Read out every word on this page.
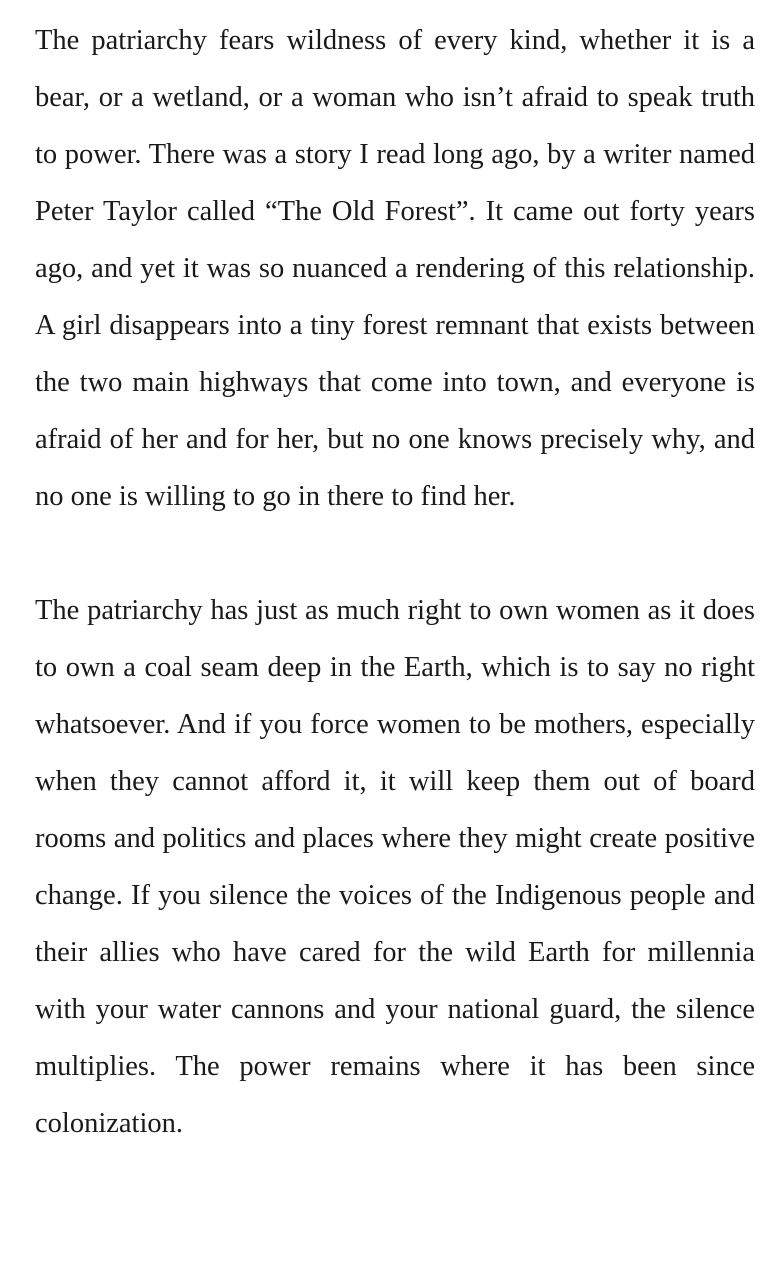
The patriarchy fears wildness of every kind, whether it is a bear, or a wetland, or a woman who isn’t afraid to speak truth to power. There was a story I read long ago, by a writer named Peter Taylor called “The Old Forest”. It came out forty years ago, and yet it was so nuanced a rendering of this relationship. A girl disappears into a tiny forest remnant that exists between the two main highways that come into town, and everyone is afraid of her and for her, but no one knows precisely why, and no one is willing to go in there to find her.

The patriarchy has just as much right to own women as it does to own a coal seam deep in the Earth, which is to say no right whatsoever. And if you force women to be mothers, especially when they cannot afford it, it will keep them out of board rooms and politics and places where they might create positive change. If you silence the voices of the Indigenous people and their allies who have cared for the wild Earth for millennia with your water cannons and your national guard, the silence multiplies. The power remains where it has been since colonization.
